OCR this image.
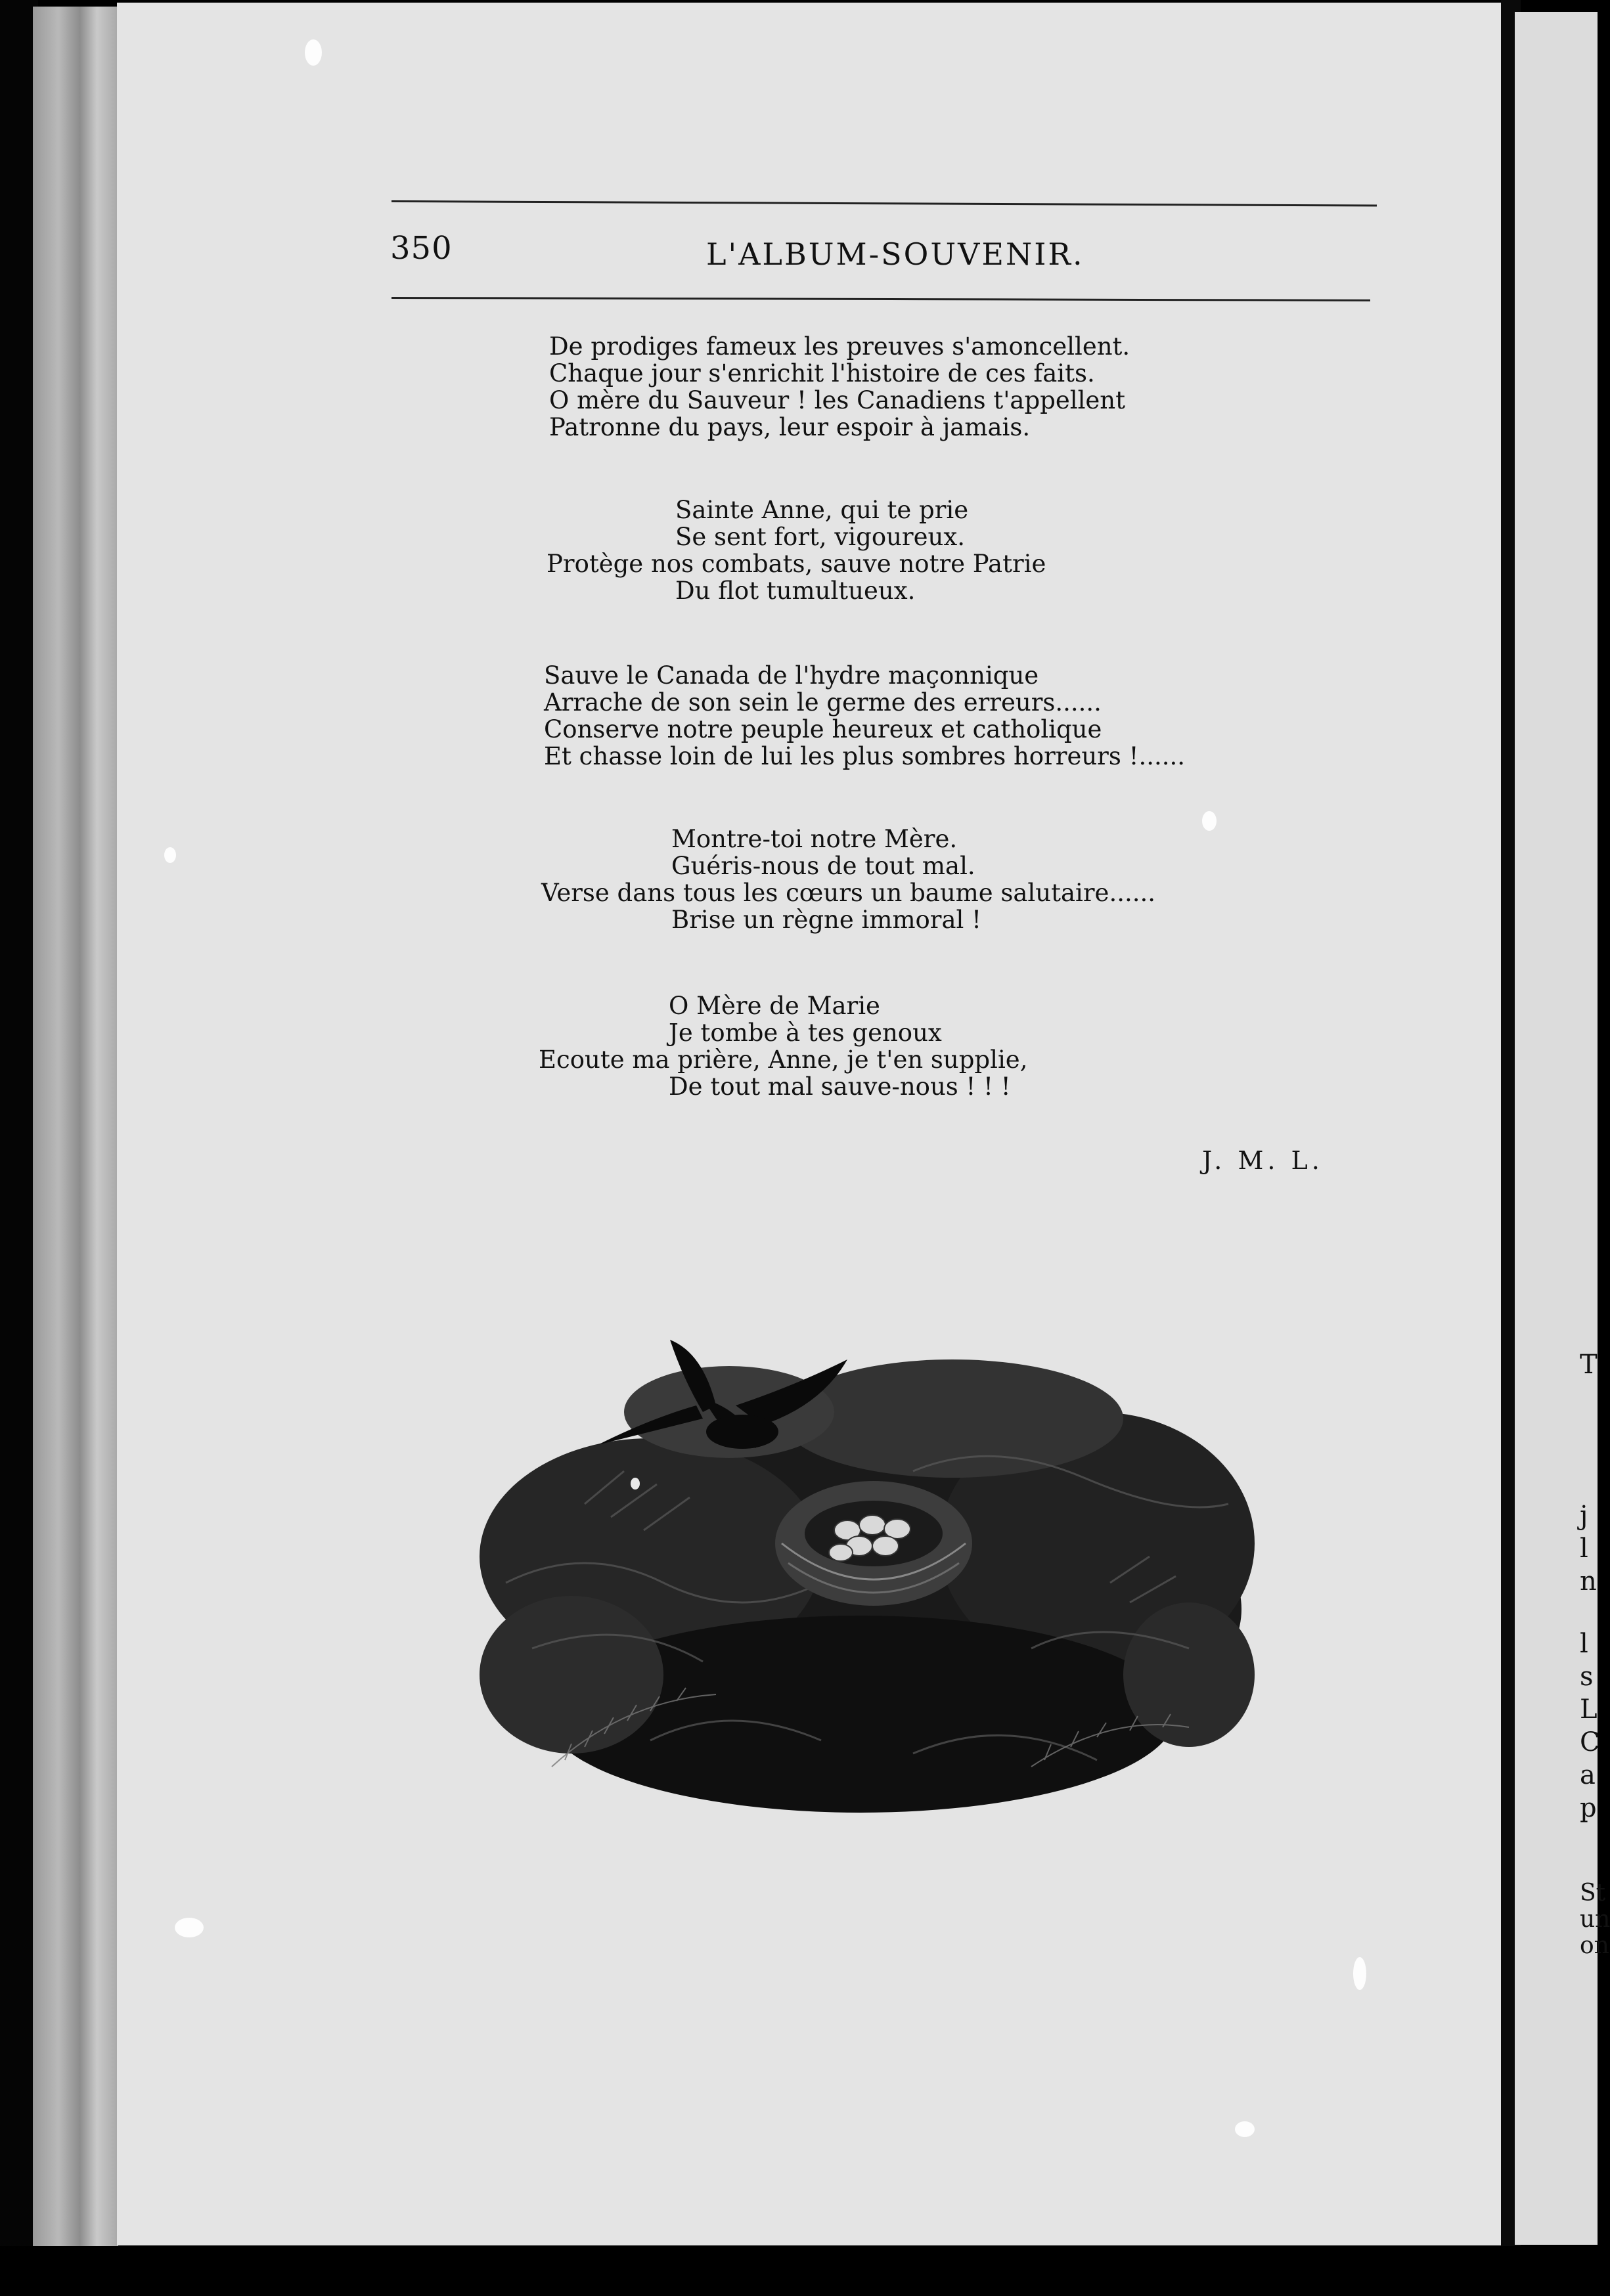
350	L'ALBUM-SOUVENIR.
De prodiges fameux les preuves s'amoncellent.
Chaque jour s'enrichit l'histoire de ces faits.
O mère du Sauveur ! les Canadiens t'appellent
Patronne du pays, leur espoir à jamais.
Sainte Anne, qui te prie
Se sent fort, vigoureux.
Protège nos combats, sauve notre Patrie
Du flot tumultueux.
Sauve le Canada de l'hydre maçonnique
Arrache de son sein le germe des erreurs......
Conserve notre peuple heureux et catholique
Et chasse loin de lui les plus sombres horreurs !......
Montre-toi notre Mère.
Guéris-nous de tout mal.
Verse dans tous les cœurs un baume salutaire......
Brise un règne immoral !
O Mère de Marie
Je tombe à tes genoux
Ecoute ma prière, Anne, je t'en supplie,
De tout mal sauve-nous ! ! !
J. M. L.
T
j
l
n
l
s
L
C
a
p
St
un
on
